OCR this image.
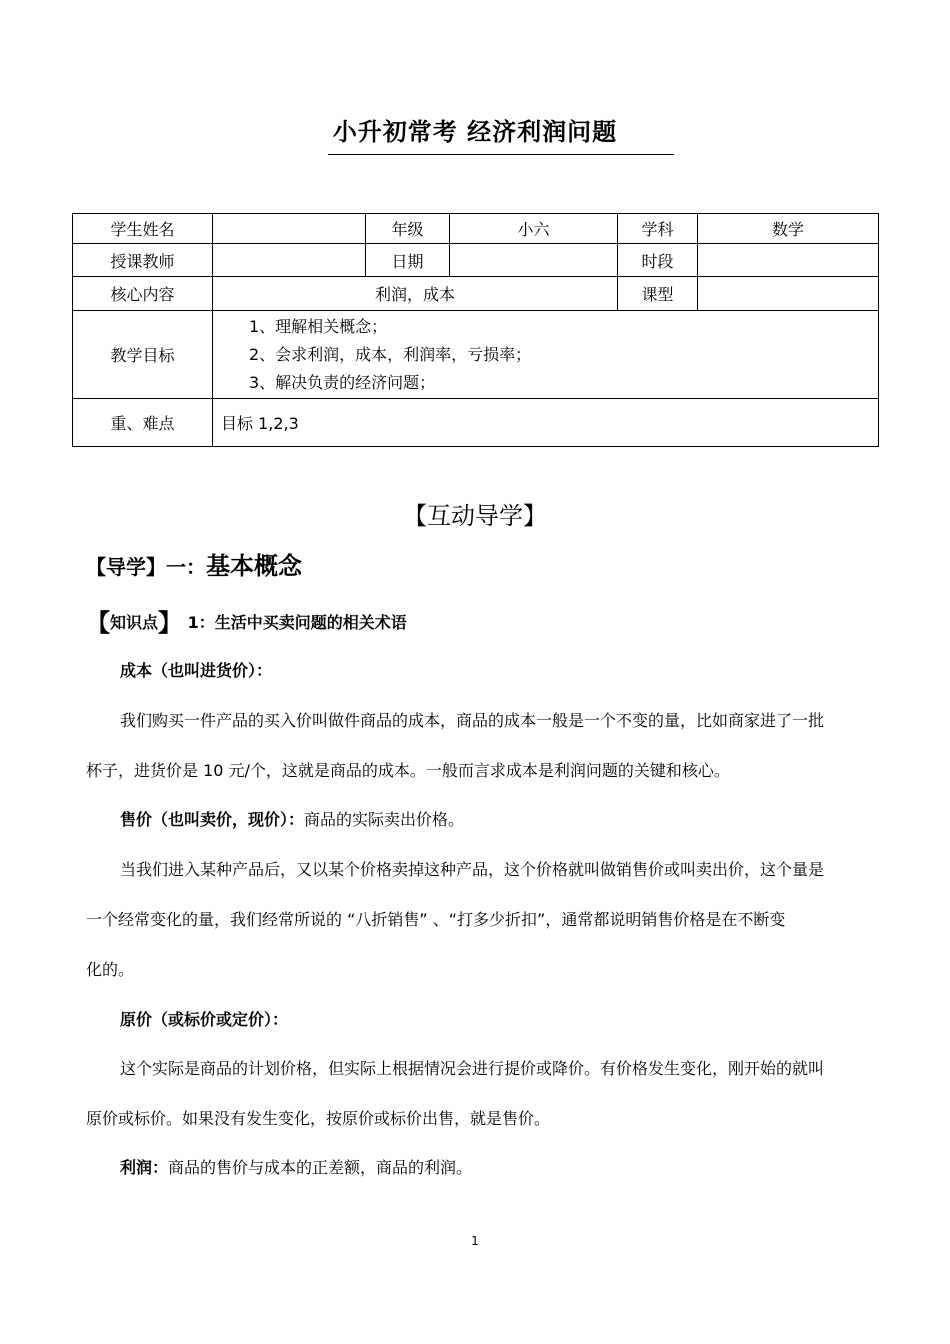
小升初常考 经济利润问题
学生姓名		年级	小六	学科	数学
授课教师		日期		时段	
核心内容	利润，成本			课型	
教学目标	1、理解相关概念；
2、会求利润，成本，利润率，亏损率；
3、解决负责的经济问题；				

重、难点	目标 1,2,3				
【互动导学】
【导学】一：基本概念
【知识点】 1：生活中买卖问题的相关术语
成本（也叫进货价）：
我们购买一件产品的买入价叫做件商品的成本，商品的成本一般是一个不变的量，比如商家进了一批
杯子，进货价是 10 元/个，这就是商品的成本。一般而言求成本是利润问题的关键和核心。
售价（也叫卖价，现价）：商品的实际卖出价格。
当我们进入某种产品后，又以某个价格卖掉这种产品，这个价格就叫做销售价或叫卖出价，这个量是
一个经常变化的量，我们经常所说的 “八折销售” 、“打多少折扣”，通常都说明销售价格是在不断变
化的。
原价（或标价或定价）：
这个实际是商品的计划价格，但实际上根据情况会进行提价或降价。有价格发生变化，刚开始的就叫
原价或标价。如果没有发生变化，按原价或标价出售，就是售价。
利润：商品的售价与成本的正差额，商品的利润。
1
